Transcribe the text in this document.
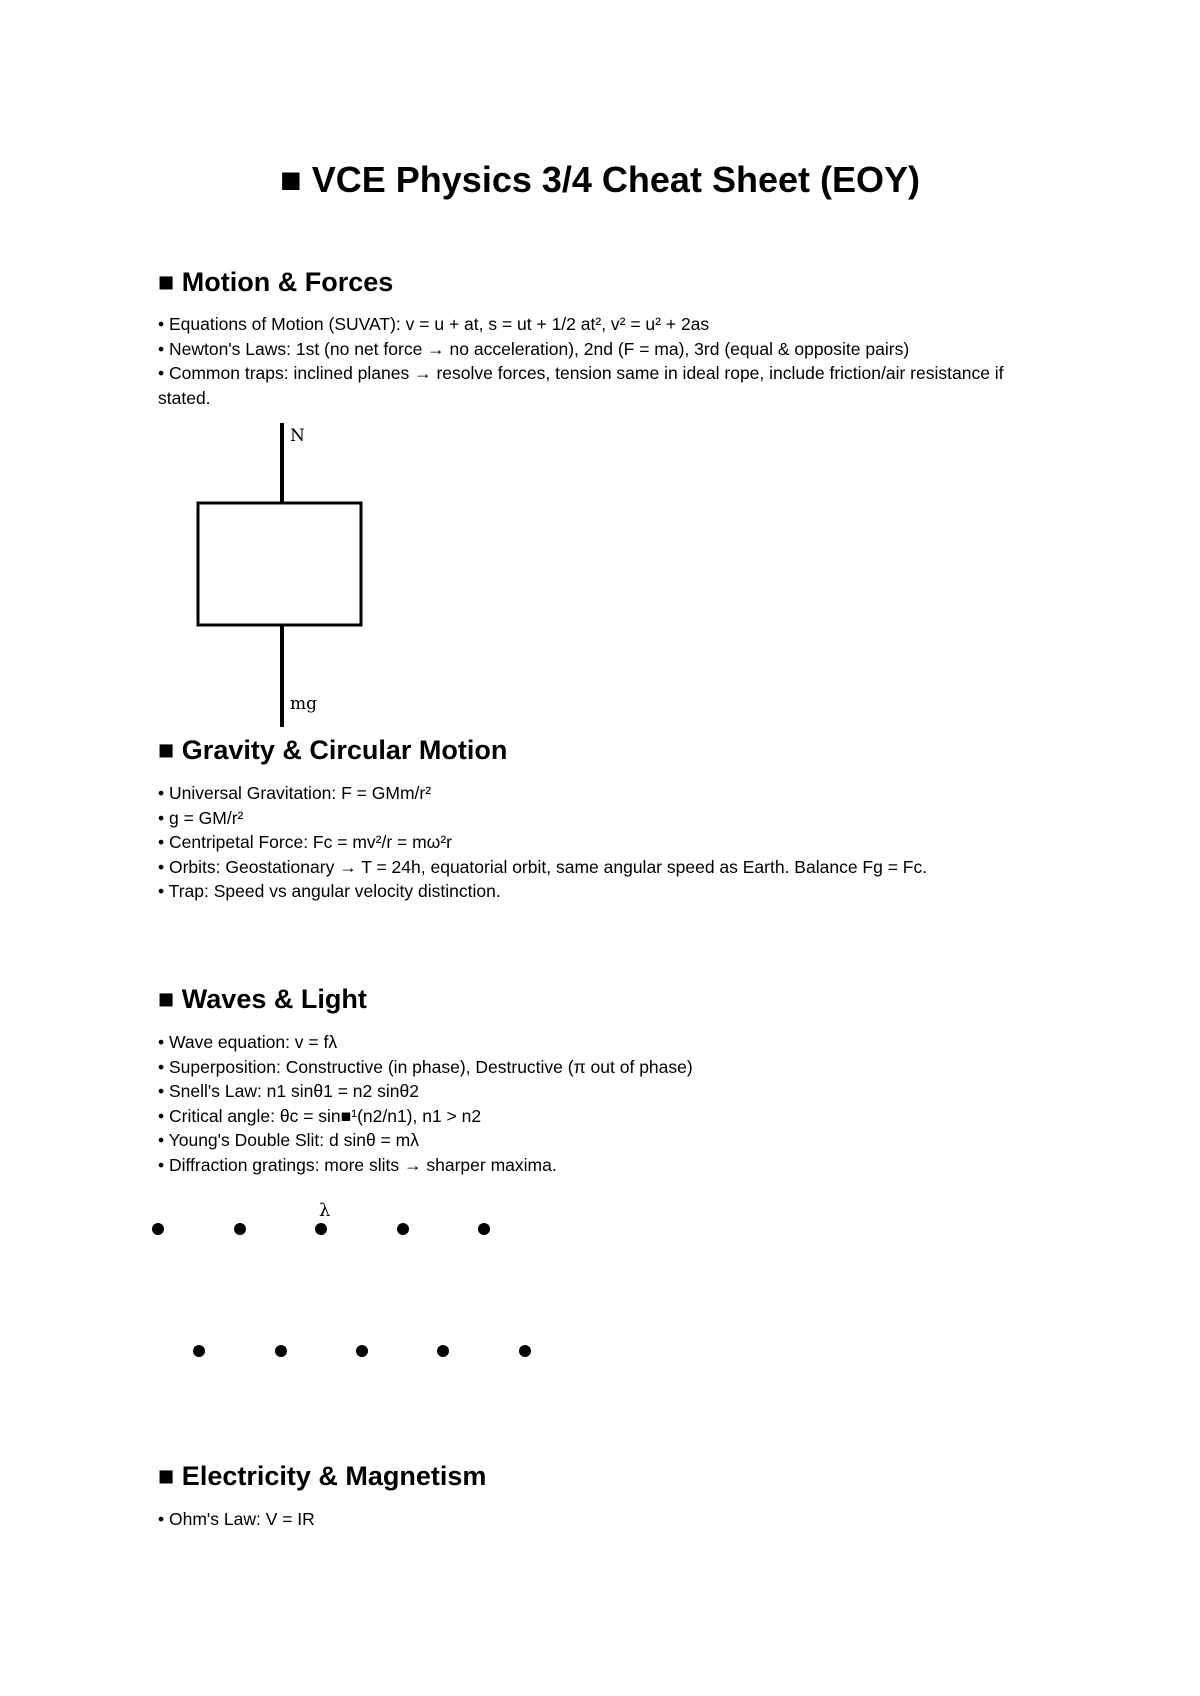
■ VCE Physics 3/4 Cheat Sheet (EOY)
■ Motion & Forces
• Equations of Motion (SUVAT): v = u + at, s = ut + 1/2 at², v² = u² + 2as
• Newton's Laws: 1st (no net force → no acceleration), 2nd (F = ma), 3rd (equal & opposite pairs)
• Common traps: inclined planes → resolve forces, tension same in ideal rope, include friction/air resistance if stated.
N
mg
■ Gravity & Circular Motion
• Universal Gravitation: F = GMm/r²
• g = GM/r²
• Centripetal Force: Fc = mv²/r = mω²r
• Orbits: Geostationary → T = 24h, equatorial orbit, same angular speed as Earth. Balance Fg = Fc.
• Trap: Speed vs angular velocity distinction.
■ Waves & Light
• Wave equation: v = fλ
• Superposition: Constructive (in phase), Destructive (π out of phase)
• Snell's Law: n1 sinθ1 = n2 sinθ2
• Critical angle: θc = sin■¹(n2/n1), n1 > n2
• Young's Double Slit: d sinθ = mλ
• Diffraction gratings: more slits → sharper maxima.
λ
■ Electricity & Magnetism
• Ohm's Law: V = IR
